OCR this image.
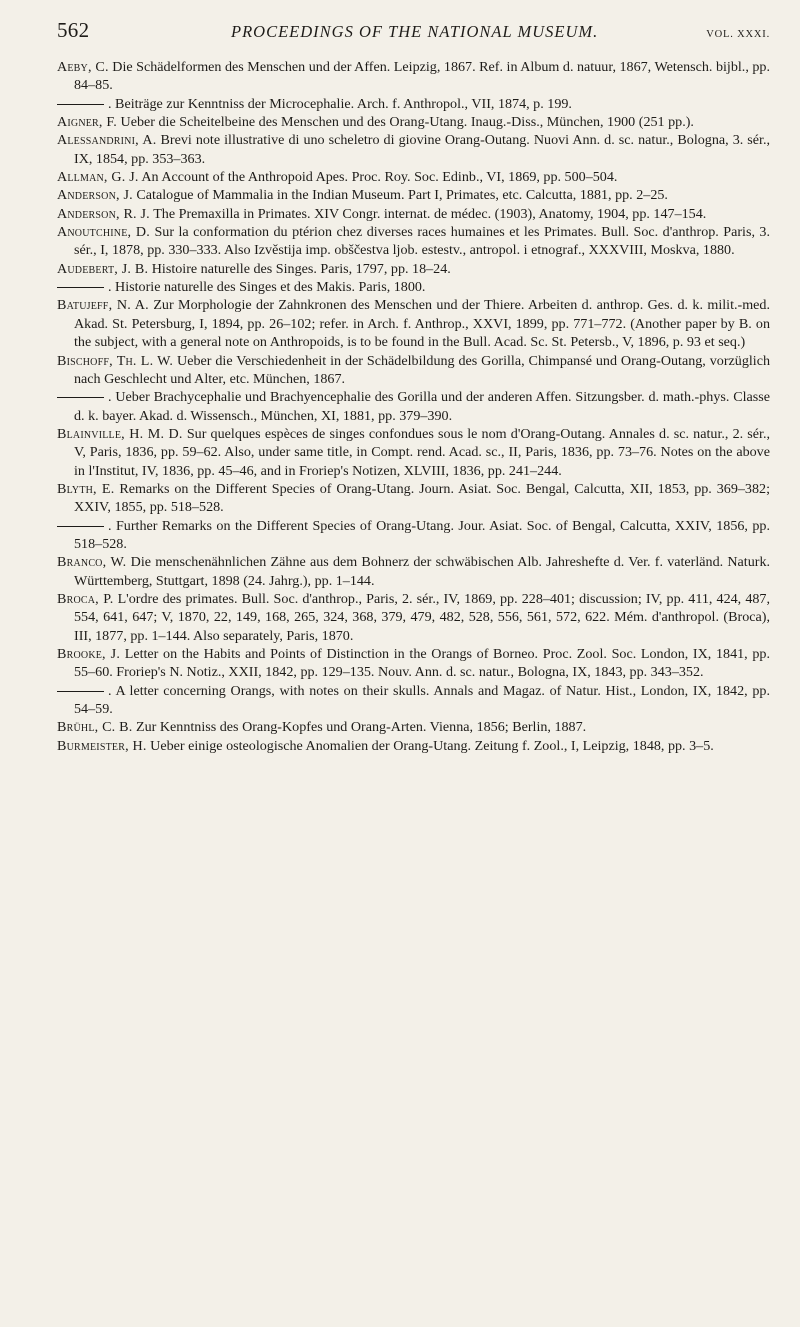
562	PROCEEDINGS OF THE NATIONAL MUSEUM.	VOL. XXXI.

Aeby, C. Die Schädelformen des Menschen und der Affen. Leipzig, 1867. Ref. in Album d. natuur, 1867, Wetensch. bijbl., pp. 84–85.

. Beiträge zur Kenntniss der Microcephalie. Arch. f. Anthropol., VII, 1874, p. 199.

Aigner, F. Ueber die Scheitelbeine des Menschen und des Orang-Utang. Inaug.-Diss., München, 1900 (251 pp.).

Alessandrini, A. Brevi note illustrative di uno scheletro di giovine Orang-Outang. Nuovi Ann. d. sc. natur., Bologna, 3. sér., IX, 1854, pp. 353–363.

Allman, G. J. An Account of the Anthropoid Apes. Proc. Roy. Soc. Edinb., VI, 1869, pp. 500–504.

Anderson, J. Catalogue of Mammalia in the Indian Museum. Part I, Primates, etc. Calcutta, 1881, pp. 2–25.

Anderson, R. J. The Premaxilla in Primates. XIV Congr. internat. de médec. (1903), Anatomy, 1904, pp. 147–154.

Anoutchine, D. Sur la conformation du ptérion chez diverses races humaines et les Primates. Bull. Soc. d'anthrop. Paris, 3. sér., I, 1878, pp. 330–333. Also Izvěstija imp. obščestva ljob. estestv., antropol. i etnograf., XXXVIII, Moskva, 1880.

Audebert, J. B. Histoire naturelle des Singes. Paris, 1797, pp. 18–24.

. Historie naturelle des Singes et des Makis. Paris, 1800.

Batujeff, N. A. Zur Morphologie der Zahnkronen des Menschen und der Thiere. Arbeiten d. anthrop. Ges. d. k. milit.-med. Akad. St. Petersburg, I, 1894, pp. 26–102; refer. in Arch. f. Anthrop., XXVI, 1899, pp. 771–772. (Another paper by B. on the subject, with a general note on Anthropoids, is to be found in the Bull. Acad. Sc. St. Petersb., V, 1896, p. 93 et seq.)

Bischoff, Th. L. W. Ueber die Verschiedenheit in der Schädelbildung des Gorilla, Chimpansé und Orang-Outang, vorzüglich nach Geschlecht und Alter, etc. München, 1867.

. Ueber Brachycephalie und Brachyencephalie des Gorilla und der anderen Affen. Sitzungsber. d. math.-phys. Classe d. k. bayer. Akad. d. Wissensch., München, XI, 1881, pp. 379–390.

Blainville, H. M. D. Sur quelques espèces de singes confondues sous le nom d'Orang-Outang. Annales d. sc. natur., 2. sér., V, Paris, 1836, pp. 59–62. Also, under same title, in Compt. rend. Acad. sc., II, Paris, 1836, pp. 73–76. Notes on the above in l'Institut, IV, 1836, pp. 45–46, and in Froriep's Notizen, XLVIII, 1836, pp. 241–244.

Blyth, E. Remarks on the Different Species of Orang-Utang. Journ. Asiat. Soc. Bengal, Calcutta, XII, 1853, pp. 369–382; XXIV, 1855, pp. 518–528.

. Further Remarks on the Different Species of Orang-Utang. Jour. Asiat. Soc. of Bengal, Calcutta, XXIV, 1856, pp. 518–528.

Branco, W. Die menschenähnlichen Zähne aus dem Bohnerz der schwäbischen Alb. Jahreshefte d. Ver. f. vaterländ. Naturk. Württemberg, Stuttgart, 1898 (24. Jahrg.), pp. 1–144.

Broca, P. L'ordre des primates. Bull. Soc. d'anthrop., Paris, 2. sér., IV, 1869, pp. 228–401; discussion; IV, pp. 411, 424, 487, 554, 641, 647; V, 1870, 22, 149, 168, 265, 324, 368, 379, 479, 482, 528, 556, 561, 572, 622. Mém. d'anthropol. (Broca), III, 1877, pp. 1–144. Also separately, Paris, 1870.

Brooke, J. Letter on the Habits and Points of Distinction in the Orangs of Borneo. Proc. Zool. Soc. London, IX, 1841, pp. 55–60. Froriep's N. Notiz., XXII, 1842, pp. 129–135. Nouv. Ann. d. sc. natur., Bologna, IX, 1843, pp. 343–352.

. A letter concerning Orangs, with notes on their skulls. Annals and Magaz. of Natur. Hist., London, IX, 1842, pp. 54–59.

Brühl, C. B. Zur Kenntniss des Orang-Kopfes und Orang-Arten. Vienna, 1856; Berlin, 1887.

Burmeister, H. Ueber einige osteologische Anomalien der Orang-Utang. Zeitung f. Zool., I, Leipzig, 1848, pp. 3–5.
